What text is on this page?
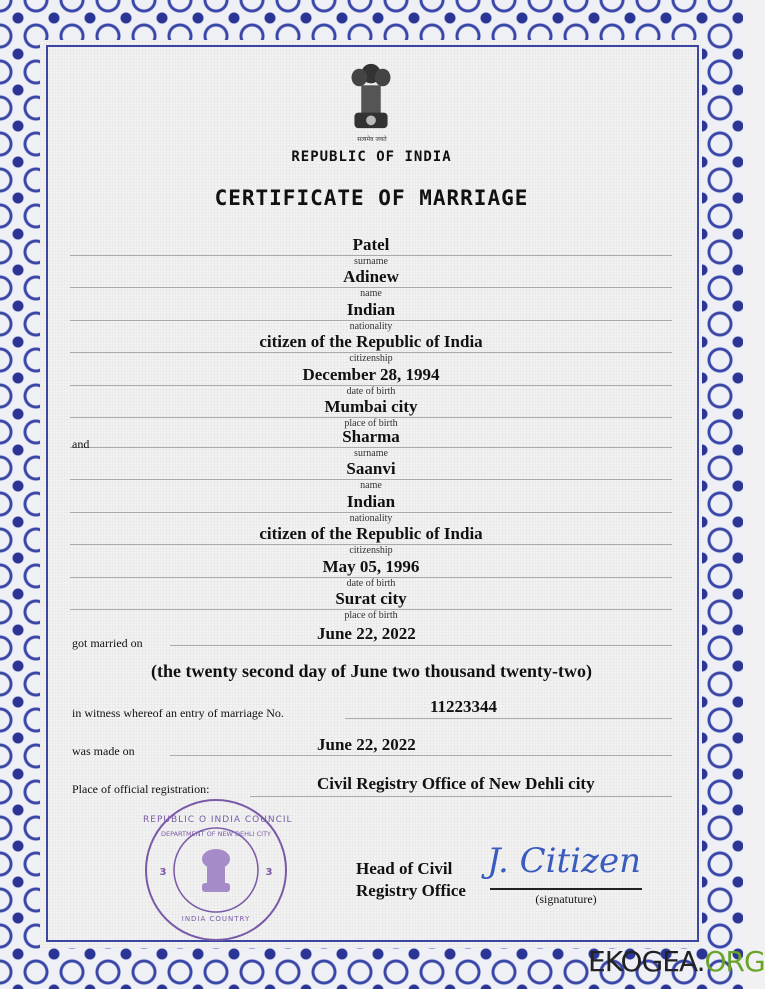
सत्यमेव जयते
REPUBLIC OF INDIA
CERTIFICATE OF MARRIAGE
Patel
surname
Adinew
name
Indian
nationality
citizen of the Republic of India
citizenship
December 28, 1994
date of birth
Mumbai city
place of birth
Sharma
surname
Saanvi
name
Indian
nationality
citizen of the Republic of India
citizenship
May 05, 1996
date of birth
Surat city
place of birth
and
got married on	June 22, 2022
(the twenty second day of June two thousand twenty-two)
in witness whereof an entry of marriage No.	11223344
was made on	June 22, 2022
Place of official registration:	Civil Registry Office of New Dehli city
REPUBLIC O INDIA COUNCIL
DEPARTMENT OF NEW DEHLI CITY
INDIA COUNTRY
3	3	Head of Civil
Registry Office
J. Citizen
(signatuture)
EKOGEA.ORG
